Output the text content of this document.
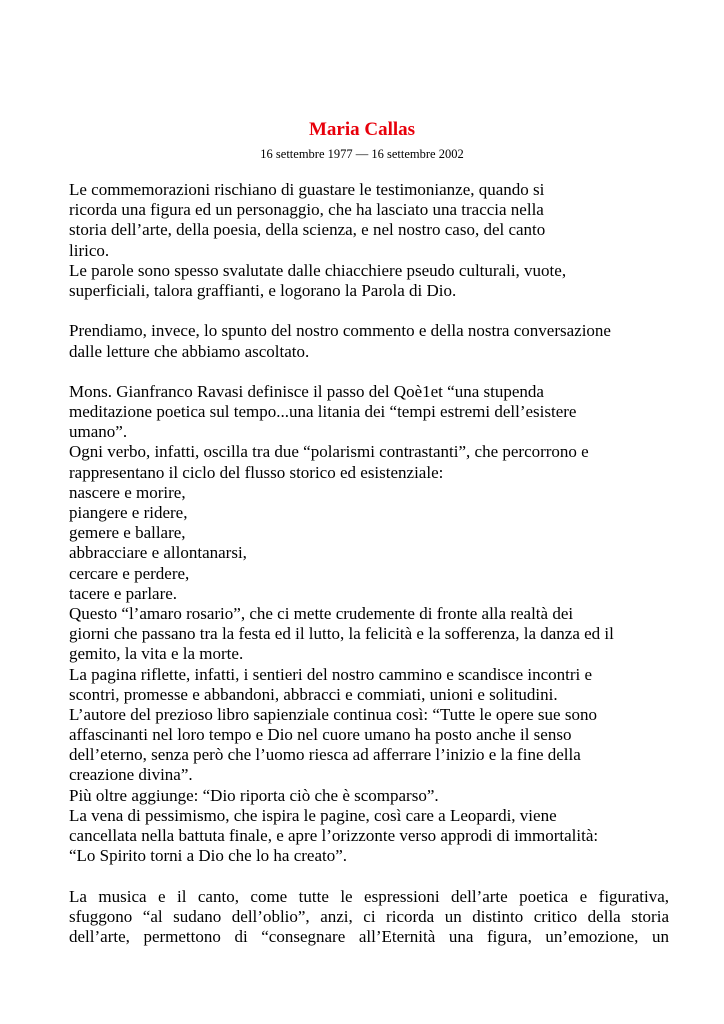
Maria Callas

16 settembre 1977 — 16 settembre 2002

Le commemorazioni rischiano di guastare le testimonianze, quando si
ricorda una figura ed un personaggio, che ha lasciato una traccia nella
storia dell’arte, della poesia, della scienza, e nel nostro caso, del canto
lirico.
Le parole sono spesso svalutate dalle chiacchiere pseudo culturali, vuote,
superficiali, talora graffianti, e logorano la Parola di Dio.
Prendiamo, invece, lo spunto del nostro commento e della nostra conversazione
dalle letture che abbiamo ascoltato.
Mons. Gianfranco Ravasi definisce il passo del Qoè1et “una stupenda
meditazione poetica sul tempo...una litania dei “tempi estremi dell’esistere
umano”.
Ogni verbo, infatti, oscilla tra due “polarismi contrastanti”, che percorrono e
rappresentano il ciclo del flusso storico ed esistenziale:
nascere e morire,
piangere e ridere,
gemere e ballare,
abbracciare e allontanarsi,
cercare e perdere,
tacere e parlare.
Questo “l’amaro rosario”, che ci mette crudemente di fronte alla realtà dei
giorni che passano tra la festa ed il lutto, la felicità e la sofferenza, la danza ed il
gemito, la vita e la morte.
La pagina riflette, infatti, i sentieri del nostro cammino e scandisce incontri e
scontri, promesse e abbandoni, abbracci e commiati, unioni e solitudini.
L’autore del prezioso libro sapienziale continua così: “Tutte le opere sue sono
affascinanti nel loro tempo e Dio nel cuore umano ha posto anche il senso
dell’eterno, senza però che l’uomo riesca ad afferrare l’inizio e la fine della
creazione divina”.
Più oltre aggiunge: “Dio riporta ciò che è scomparso”.
La vena di pessimismo, che ispira le pagine, così care a Leopardi, viene
cancellata nella battuta finale, e apre l’orizzonte verso approdi di immortalità:
“Lo Spirito torni a Dio che lo ha creato”.
La musica e il canto, come tutte le espressioni dell’arte poetica e figurativa,
sfuggono “al sudano dell’oblio”, anzi, ci ricorda un distinto critico della storia
dell’arte, permettono di “consegnare all’Eternità una figura, un’emozione, un
